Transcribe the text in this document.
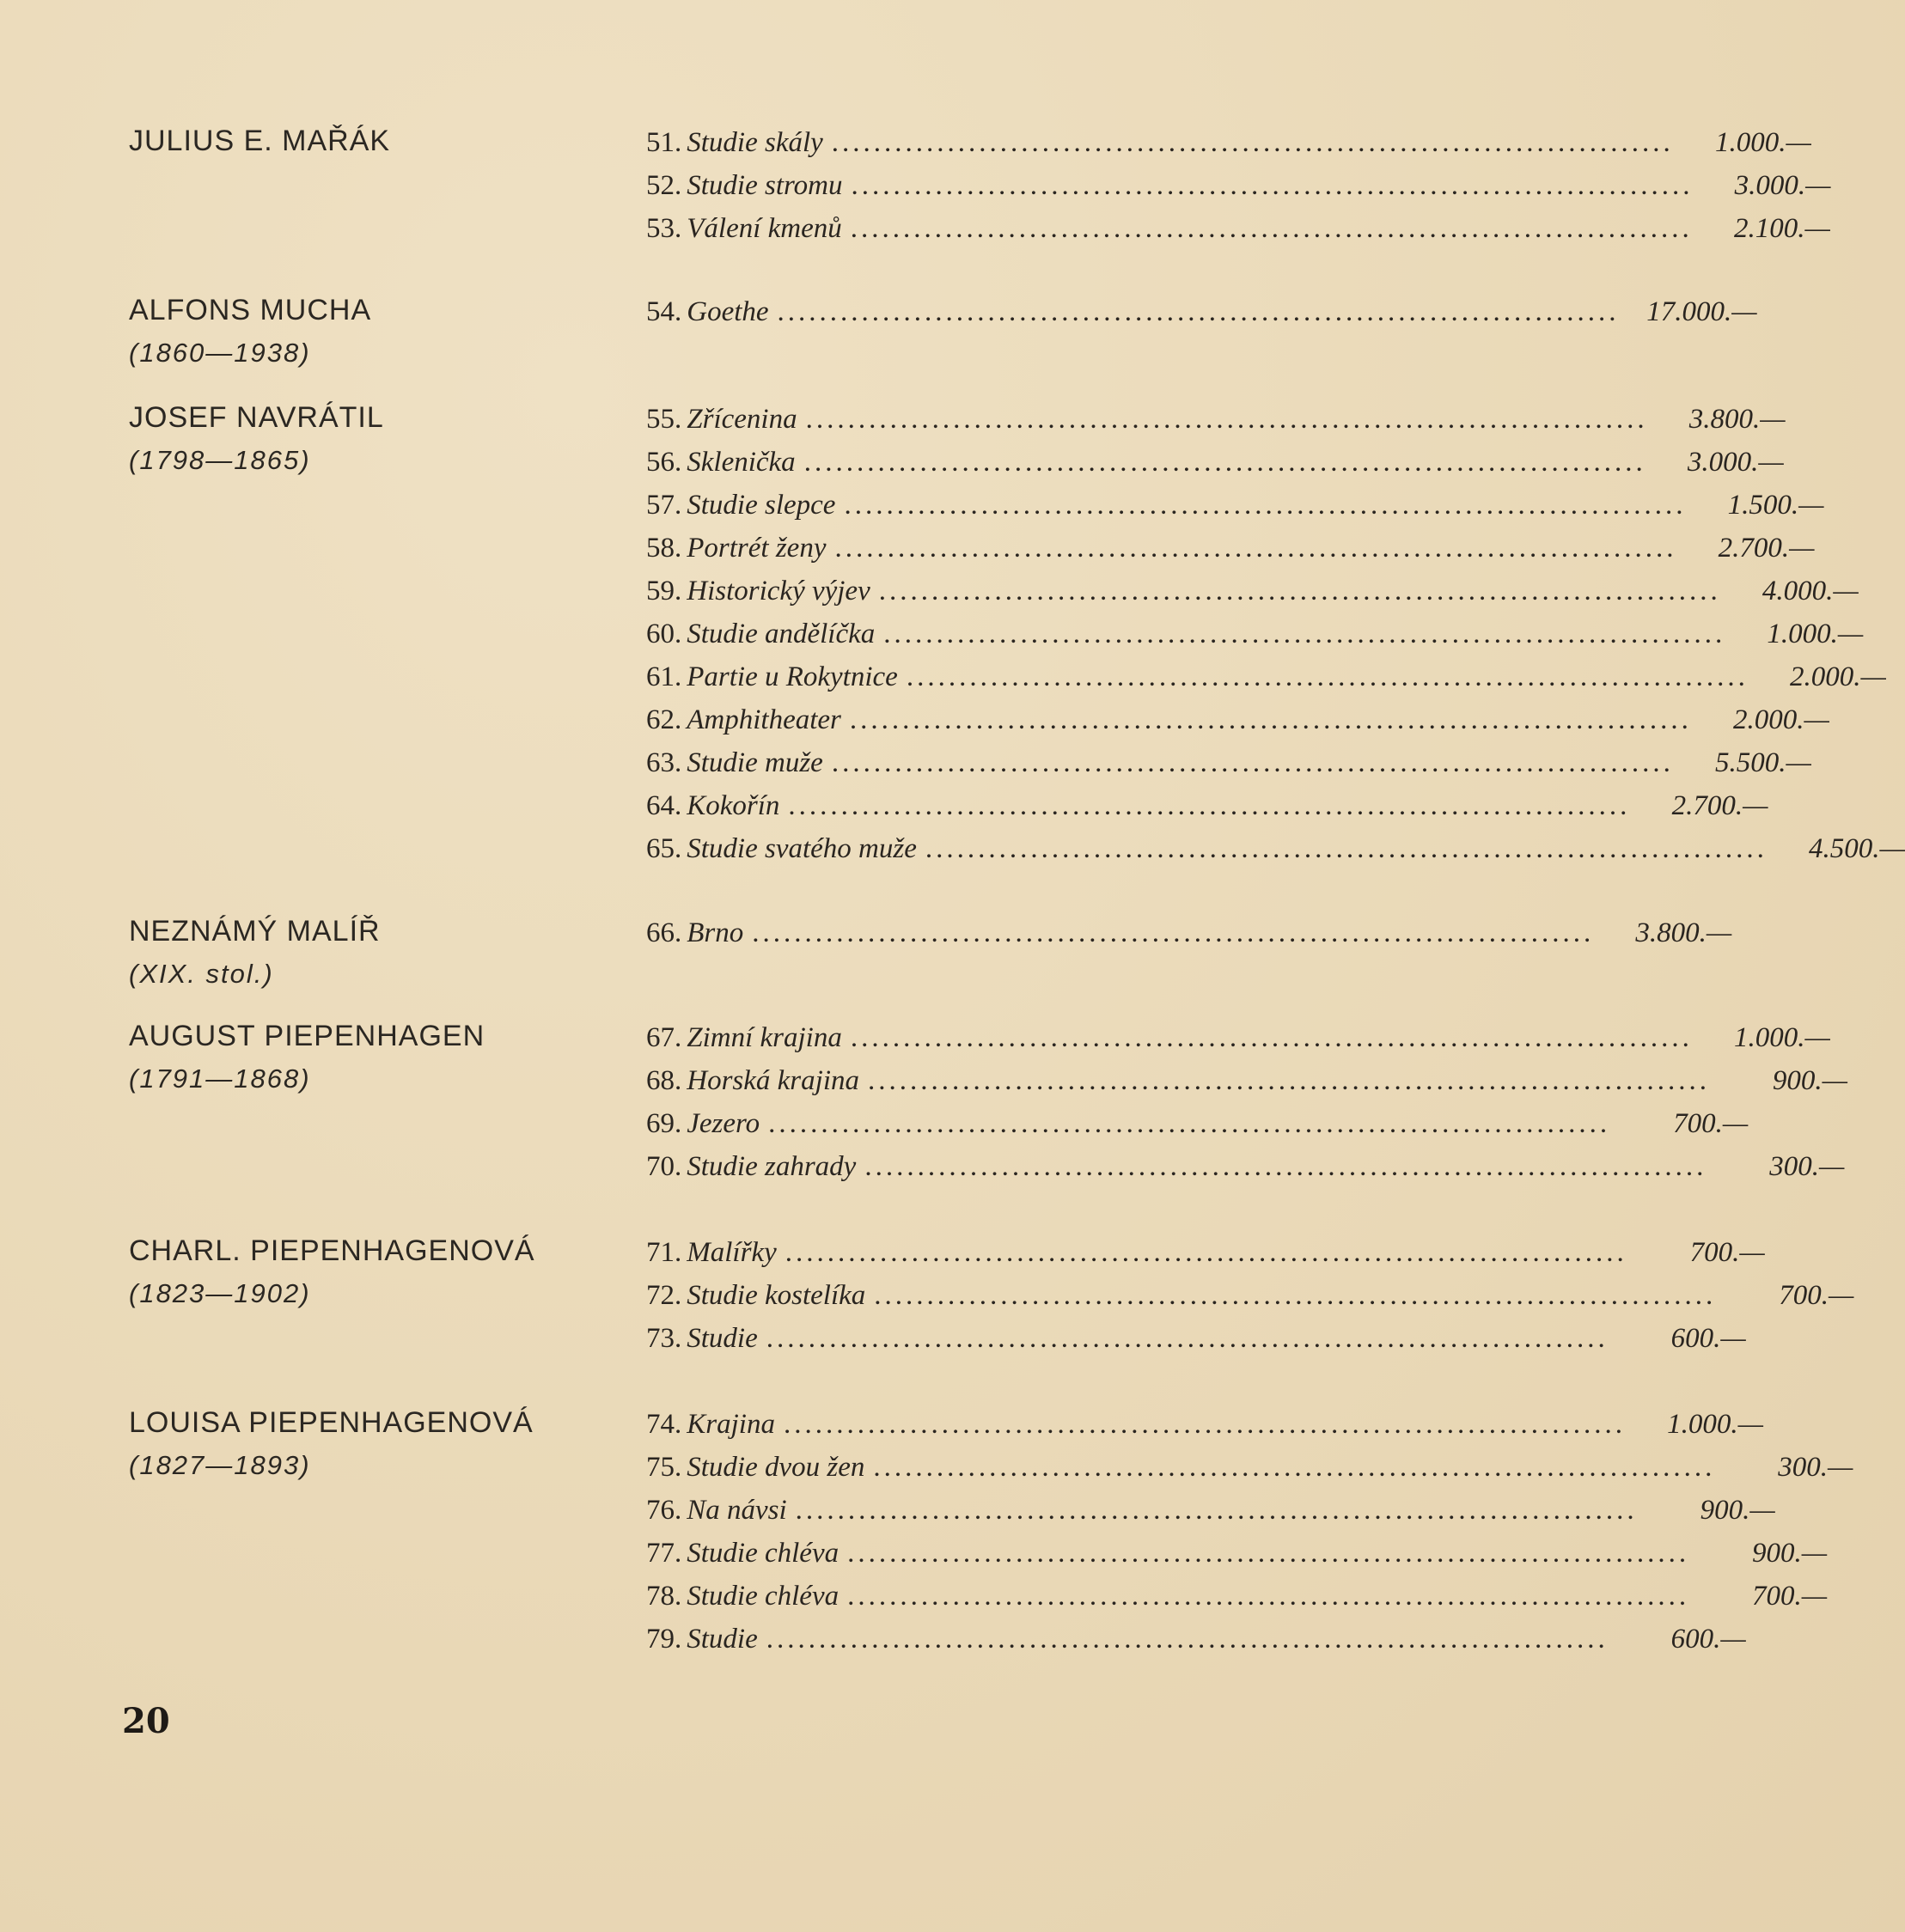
JULIUS E. MAŘÁK	51 . Studie skály ................................................................................	1.000.—
52 . Studie stromu ................................................................................	3.000.—
53 . Válení kmenů ................................................................................	2.100.—
ALFONS MUCHA
(1860—1938)
54 . Goethe ................................................................................ 17.000.—
JOSEF NAVRÁTIL
(1798—1865)
55 . Zřícenina ................................................................................	3.800.—
56 . Sklenička ................................................................................	3.000.—
57 . Studie slepce ................................................................................	1.500.—
58 . Portrét ženy ................................................................................	2.700.—
59 . Historický výjev ................................................................................	4.000.—
60 . Studie andělíčka ................................................................................	1.000.—
61 . Partie u Rokytnice ................................................................................	2.000.—
62 . Amphitheater ................................................................................	2.000.—
63 . Studie muže ................................................................................	5.500.—
64 . Kokořín ................................................................................	2.700.—
65 . Studie svatého muže ................................................................................	4.500.—
NEZNÁMÝ MALÍŘ
(XIX. stol.)
66 . Brno ................................................................................	3.800.—
AUGUST PIEPENHAGEN
(1791—1868)
67 . Zimní krajina ................................................................................	1.000.—
68 . Horská krajina ................................................................................	900.—
69 . Jezero ................................................................................	700.—
70 . Studie zahrady ................................................................................	300.—
CHARL. PIEPENHAGENOVÁ
(1823—1902)
71 . Malířky ................................................................................	700.—
72 . Studie kostelíka ................................................................................	700.—
73 . Studie ................................................................................	600.—
LOUISA PIEPENHAGENOVÁ
(1827—1893)
74 . Krajina ................................................................................	1.000.—
75 . Studie dvou žen ................................................................................	300.—
76 . Na návsi ................................................................................	900.—
77 . Studie chléva ................................................................................	900.—
78 . Studie chléva ................................................................................	700.—
79 . Studie ................................................................................	600.—
20
